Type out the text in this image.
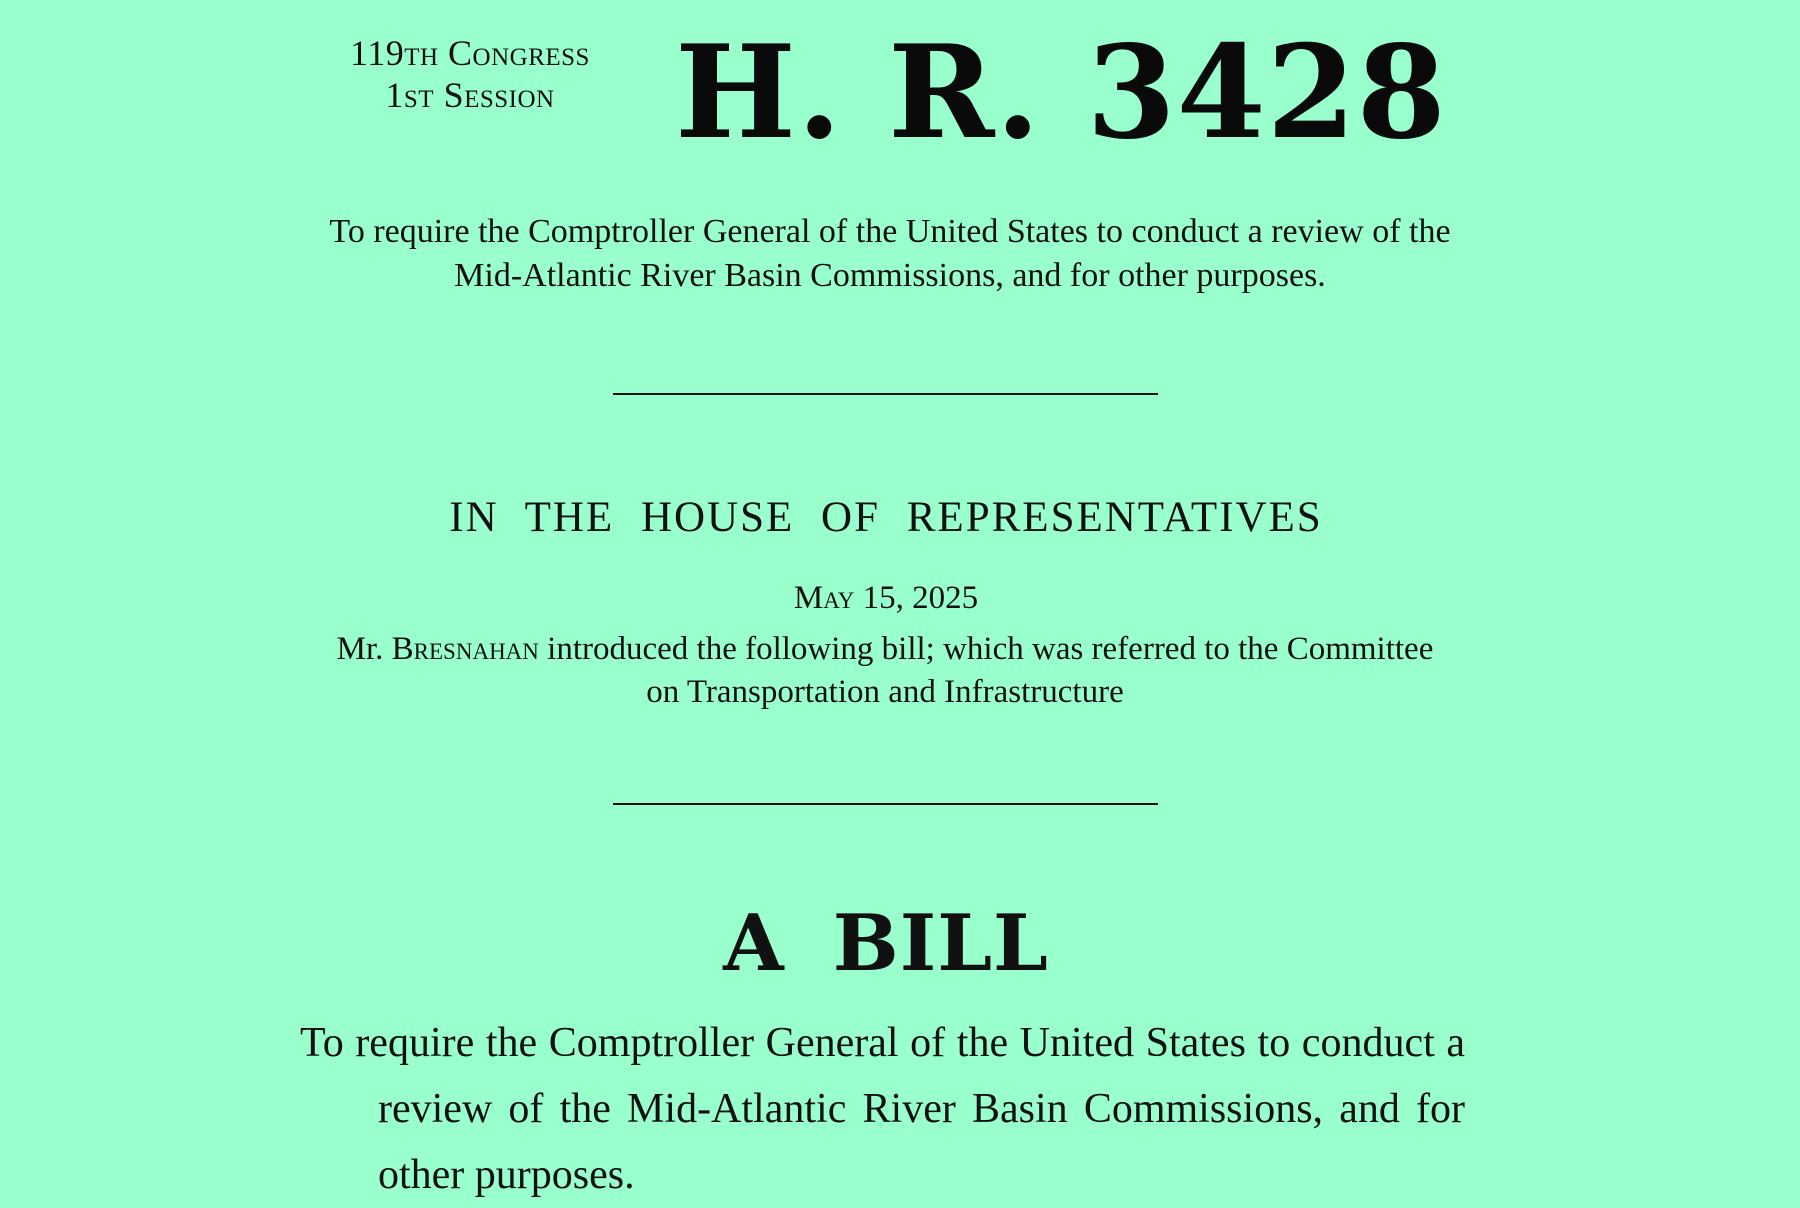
119th Congress
1st Session H. R. 3428
To require the Comptroller General of the United States to conduct a review of the Mid-Atlantic River Basin Commissions, and for other purposes.
IN THE HOUSE OF REPRESENTATIVES
May 15, 2025
Mr. Bresnahan introduced the following bill; which was referred to the Committee on Transportation and Infrastructure
A BILL
To require the Comptroller General of the United States to conduct a review of the Mid-Atlantic River Basin Commissions, and for other purposes.
